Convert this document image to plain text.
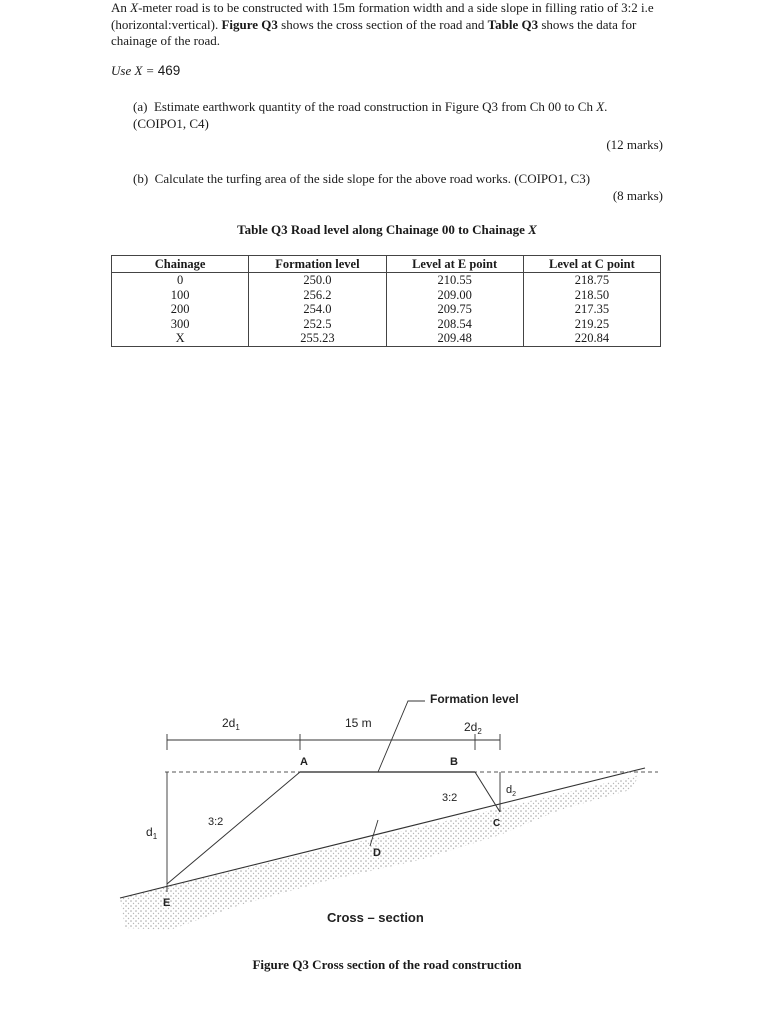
An X-meter road is to be constructed with 15m formation width and a side slope in filling ratio of 3:2 i.e (horizontal:vertical). Figure Q3 shows the cross section of the road and Table Q3 shows the data for chainage of the road.

Use X = 469
(a) Estimate earthwork quantity of the road construction in Figure Q3 from Ch 00 to Ch X. (COIPO1, C4)
(12 marks)
(b) Calculate the turfing area of the side slope for the above road works. (COIPO1, C3)
(8 marks)
Table Q3 Road level along Chainage 00 to Chainage X
Chainage	Formation level	Level at E point	Level at C point
0	250.0	210.55	218.75
100	256.2	209.00	218.50
200	254.0	209.75	217.35
300	252.5	208.54	219.25
X	255.23	209.48	220.84
Formation level
$2d_1$	15 m	$2d_2$
A	B
C
D
E
$d_1$
$d_2$
3:2
3:2
Cross – section
Figure Q3 Cross section of the road construction
